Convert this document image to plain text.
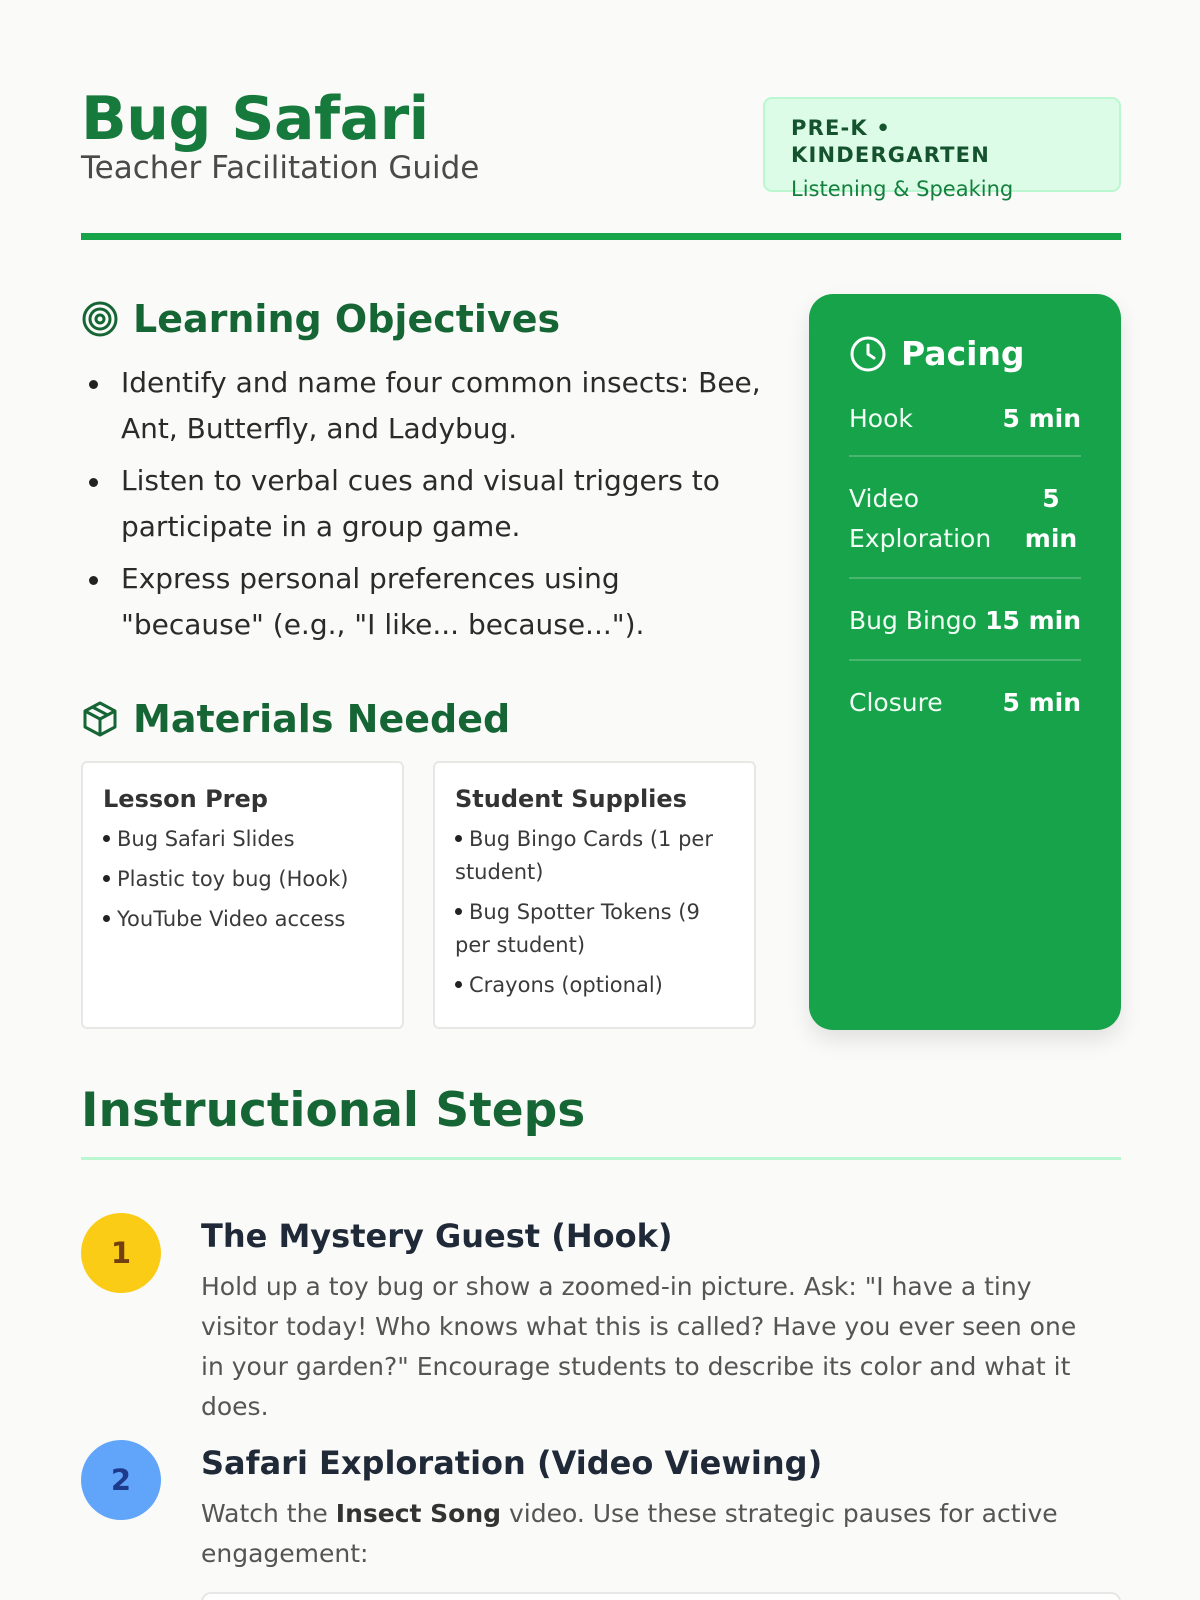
Bug Safari
Teacher Facilitation Guide
PRE-K • KINDERGARTEN
Listening & Speaking
Learning Objectives
Identify and name four common insects: Bee, Ant, Butterfly, and Ladybug.
Listen to verbal cues and visual triggers to participate in a group game.
Express personal preferences using "because" (e.g., "I like... because...").
Materials Needed
Lesson Prep
Bug Safari Slides
Plastic toy bug (Hook)
YouTube Video access
Student Supplies
Bug Bingo Cards (1 per student)
Bug Spotter Tokens (9 per student)
Crayons (optional)
Pacing
Hook	5 min
Video Exploration
5 min
Bug Bingo 15 min
Closure 5 min
Instructional Steps
1	The Mystery Guest (Hook)
Hold up a toy bug or show a zoomed-in picture. Ask: "I have a tiny visitor today! Who knows what this is called? Have you ever seen one in your garden?" Encourage students to describe its color and what it does.
2	Safari Exploration (Video Viewing)
Watch the Insect Song video. Use these strategic pauses for active engagement:
